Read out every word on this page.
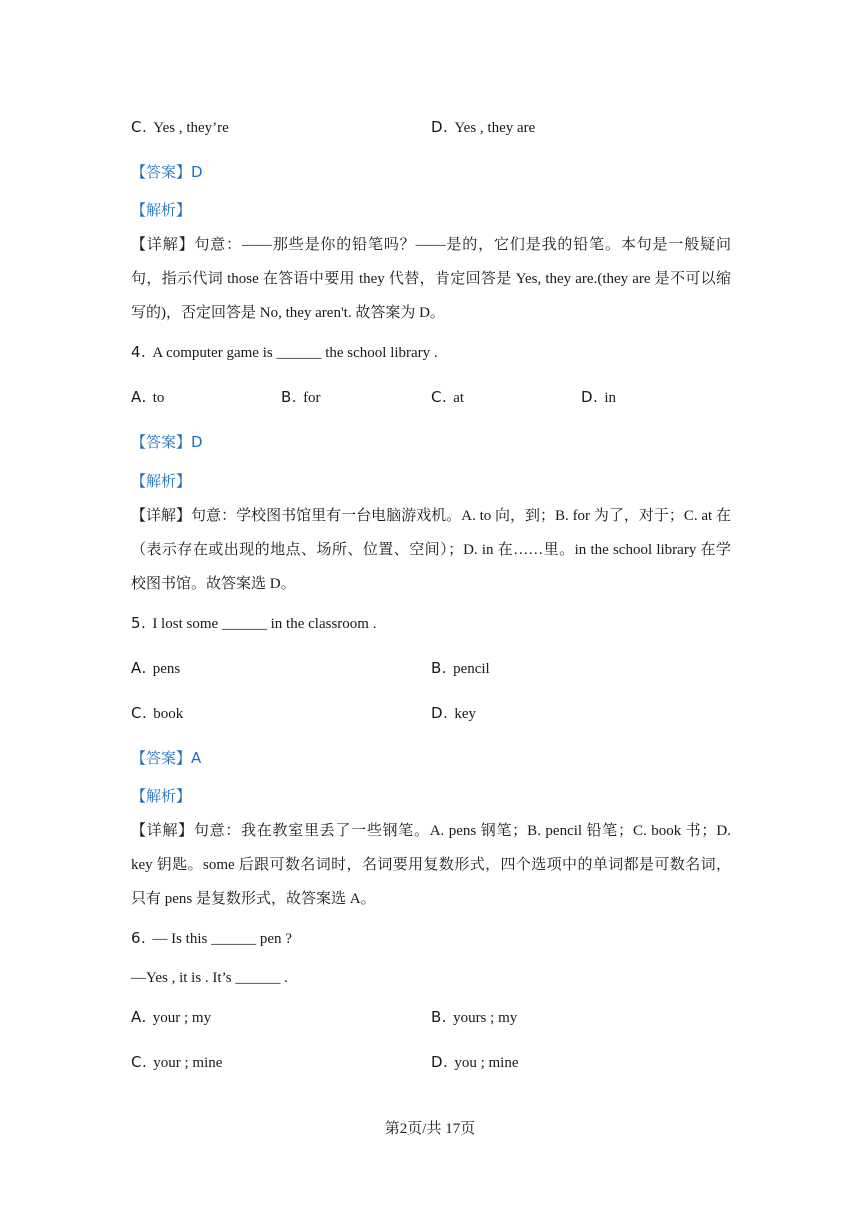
C. Yes , they’re	D. Yes , they are
【答案】D
【解析】
【详解】句意：——那些是你的铅笔吗？——是的，它们是我的铅笔。本句是一般疑问句，指示代词 those 在答语中要用 they 代替，肯定回答是 Yes, they are.(they are 是不可以缩写的)，否定回答是 No, they aren't. 故答案为 D。
4. A computer game is ______ the school library .
A. to	B. for	C. at	D. in
【答案】D
【解析】
【详解】句意：学校图书馆里有一台电脑游戏机。A. to 向，到；B. for 为了，对于；C. at 在（表示存在或出现的地点、场所、位置、空间）；D. in 在……里。in the school library 在学校图书馆。故答案选 D。
5. I lost some ______ in the classroom .
A. pens	B. pencil
C. book	D. key
【答案】A
【解析】
【详解】句意：我在教室里丢了一些钢笔。A. pens 钢笔；B. pencil 铅笔；C. book 书；D. key 钥匙。some 后跟可数名词时，名词要用复数形式，四个选项中的单词都是可数名词，只有 pens 是复数形式，故答案选 A。
6. — Is this ______ pen ?
—Yes , it is . It’s ______ .
A. your ; my	B. yours ; my
C. your ; mine	D. you ; mine
第2页/共 17页
